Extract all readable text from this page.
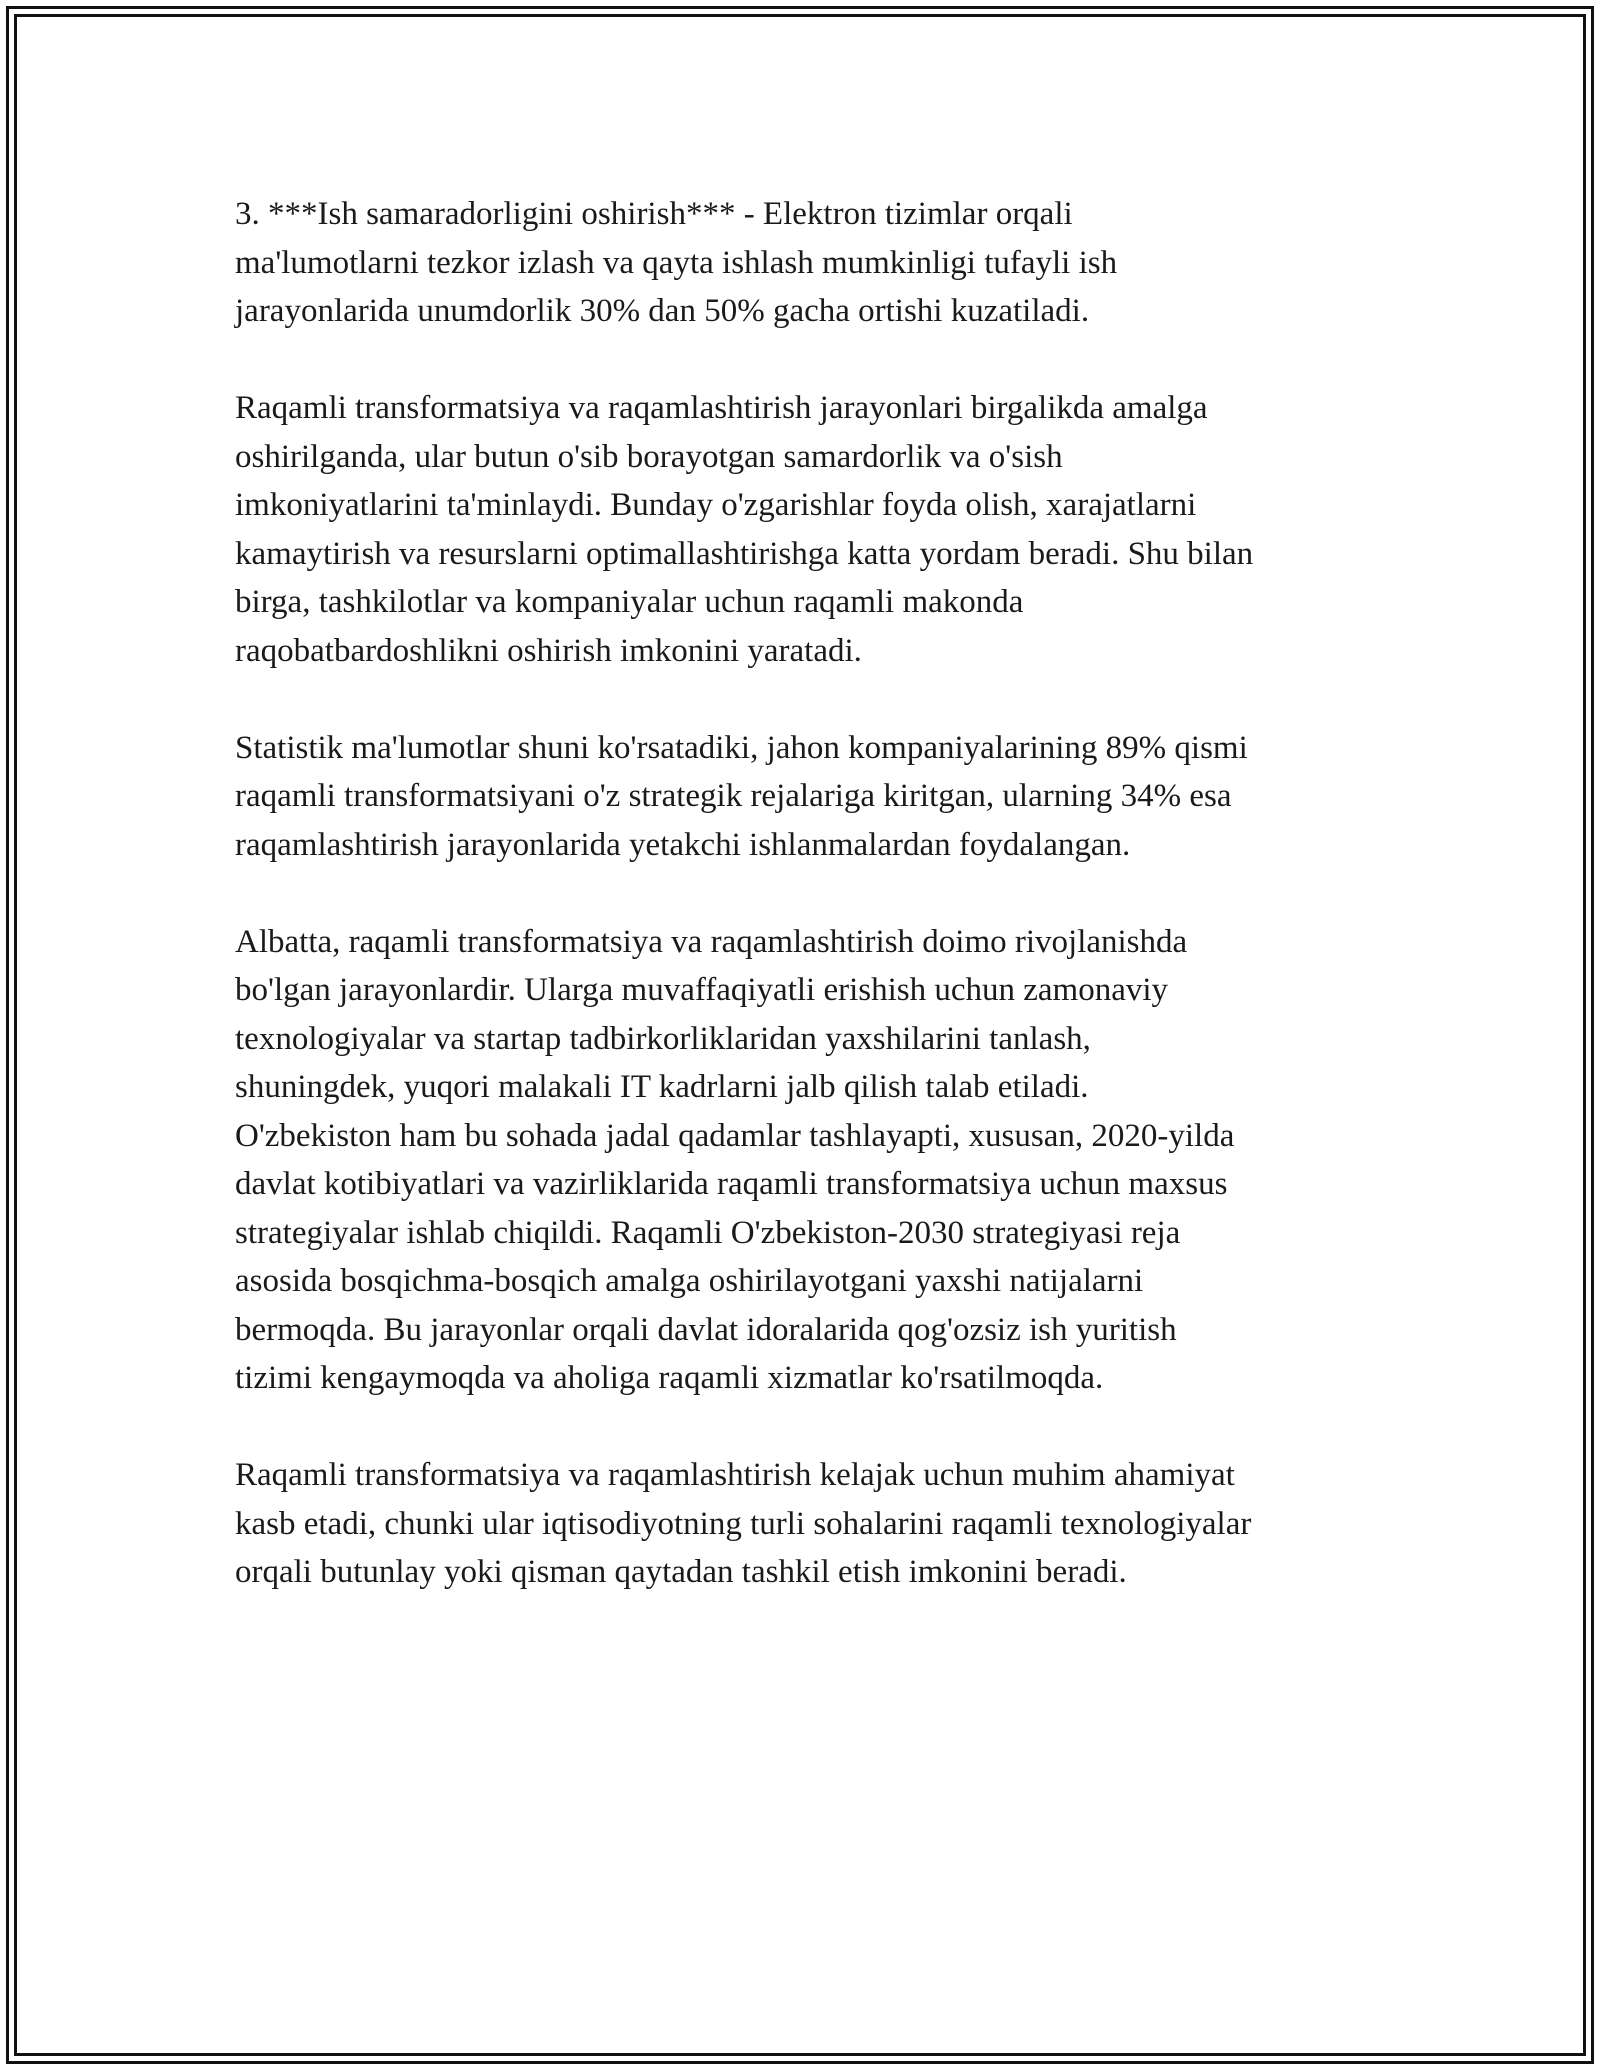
3. ***Ish samaradorligini oshirish*** - Elektron tizimlar orqali
ma'lumotlarni tezkor izlash va qayta ishlash mumkinligi tufayli ish
jarayonlarida unumdorlik 30% dan 50% gacha ortishi kuzatiladi.

Raqamli transformatsiya va raqamlashtirish jarayonlari birgalikda amalga
oshirilganda, ular butun o'sib borayotgan samardorlik va o'sish
imkoniyatlarini ta'minlaydi. Bunday o'zgarishlar foyda olish, xarajatlarni
kamaytirish va resurslarni optimallashtirishga katta yordam beradi. Shu bilan
birga, tashkilotlar va kompaniyalar uchun raqamli makonda
raqobatbardoshlikni oshirish imkonini yaratadi.

Statistik ma'lumotlar shuni ko'rsatadiki, jahon kompaniyalarining 89% qismi
raqamli transformatsiyani o'z strategik rejalariga kiritgan, ularning 34% esa
raqamlashtirish jarayonlarida yetakchi ishlanmalardan foydalangan.

Albatta, raqamli transformatsiya va raqamlashtirish doimo rivojlanishda
bo'lgan jarayonlardir. Ularga muvaffaqiyatli erishish uchun zamonaviy
texnologiyalar va startap tadbirkorliklaridan yaxshilarini tanlash,
shuningdek, yuqori malakali IT kadrlarni jalb qilish talab etiladi.
O'zbekiston ham bu sohada jadal qadamlar tashlayapti, xususan, 2020-yilda
davlat kotibiyatlari va vazirliklarida raqamli transformatsiya uchun maxsus
strategiyalar ishlab chiqildi. Raqamli O'zbekiston-2030 strategiyasi reja
asosida bosqichma-bosqich amalga oshirilayotgani yaxshi natijalarni
bermoqda. Bu jarayonlar orqali davlat idoralarida qog'ozsiz ish yuritish
tizimi kengaymoqda va aholiga raqamli xizmatlar ko'rsatilmoqda.

Raqamli transformatsiya va raqamlashtirish kelajak uchun muhim ahamiyat
kasb etadi, chunki ular iqtisodiyotning turli sohalarini raqamli texnologiyalar
orqali butunlay yoki qisman qaytadan tashkil etish imkonini beradi.
